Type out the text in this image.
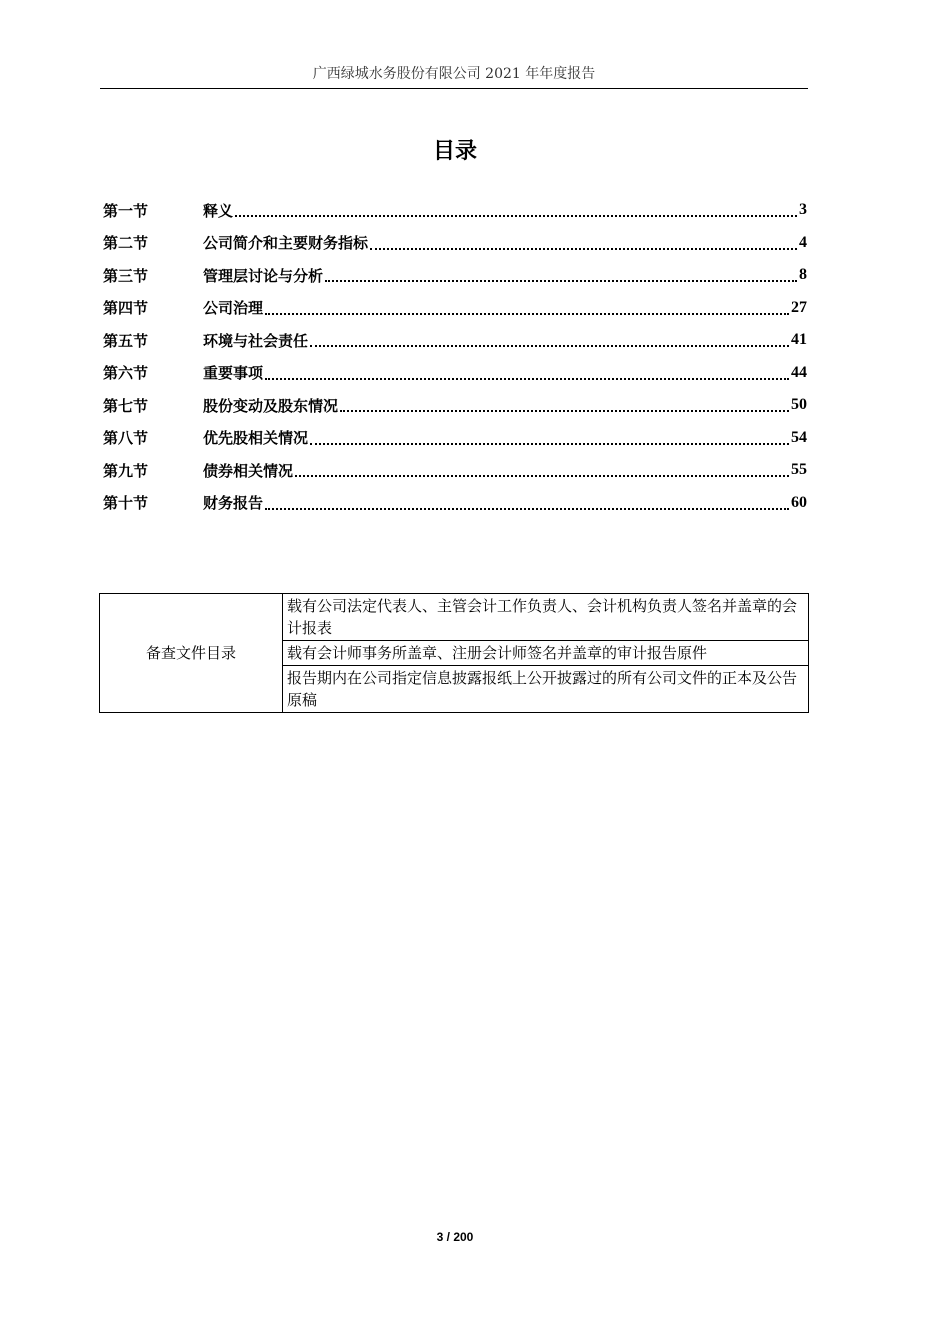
广西绿城水务股份有限公司 2021 年年度报告
目录
第一节	释义	3
第二节	公司简介和主要财务指标	4
第三节	管理层讨论与分析	8
第四节	公司治理	27
第五节	环境与社会责任	41
第六节	重要事项	44
第七节	股份变动及股东情况	50
第八节	优先股相关情况	54
第九节	债券相关情况	55
第十节	财务报告	60
备查文件目录	载有公司法定代表人、主管会计工作负责人、会计机构负责人签名并盖章的会计报表
载有会计师事务所盖章、注册会计师签名并盖章的审计报告原件
报告期内在公司指定信息披露报纸上公开披露过的所有公司文件的正本及公告原稿
3 / 200
